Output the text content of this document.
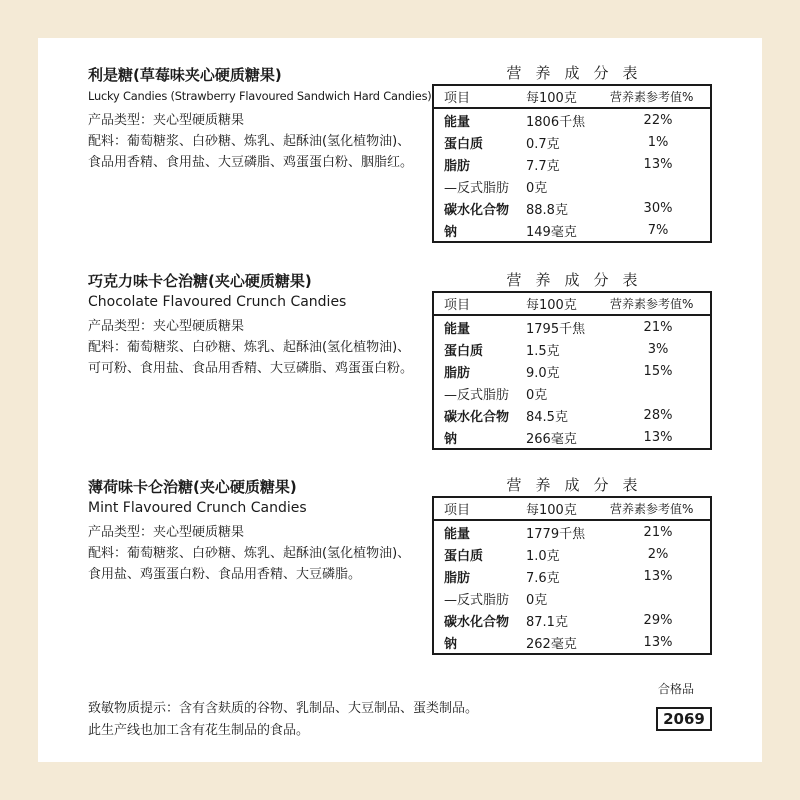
利是糖(草莓味夹心硬质糖果)
Lucky Candies (Strawberry Flavoured Sandwich Hard Candies)
产品类型：夹心型硬质糖果
配料：葡萄糖浆、白砂糖、炼乳、起酥油(氢化植物油)、食品用香精、食用盐、大豆磷脂、鸡蛋蛋白粉、胭脂红。
营养成分表
项目	每100克	营养素参考值%
能量	1806千焦	22%
蛋白质	0.7克	1%
脂肪	7.7克	13%
—反式脂肪	0克
碳水化合物	88.8克	30%
钠	149毫克	7%
巧克力味卡仑治糖(夹心硬质糖果)
Chocolate Flavoured Crunch Candies
产品类型：夹心型硬质糖果
配料：葡萄糖浆、白砂糖、炼乳、起酥油(氢化植物油)、可可粉、食用盐、食品用香精、大豆磷脂、鸡蛋蛋白粉。
营养成分表
项目	每100克	营养素参考值%
能量	1795千焦	21%
蛋白质	1.5克	3%
脂肪	9.0克	15%
—反式脂肪	0克
碳水化合物	84.5克	28%
钠	266毫克	13%
薄荷味卡仑治糖(夹心硬质糖果)
Mint Flavoured Crunch Candies
产品类型：夹心型硬质糖果
配料：葡萄糖浆、白砂糖、炼乳、起酥油(氢化植物油)、食用盐、鸡蛋蛋白粉、食品用香精、大豆磷脂。
营养成分表
项目	每100克	营养素参考值%
能量	1779千焦	21%
蛋白质	1.0克	2%
脂肪	7.6克	13%
—反式脂肪	0克
碳水化合物	87.1克	29%
钠	262毫克	13%
致敏物质提示：含有含麸质的谷物、乳制品、大豆制品、蛋类制品。
此生产线也加工含有花生制品的食品。
合格品
2069
